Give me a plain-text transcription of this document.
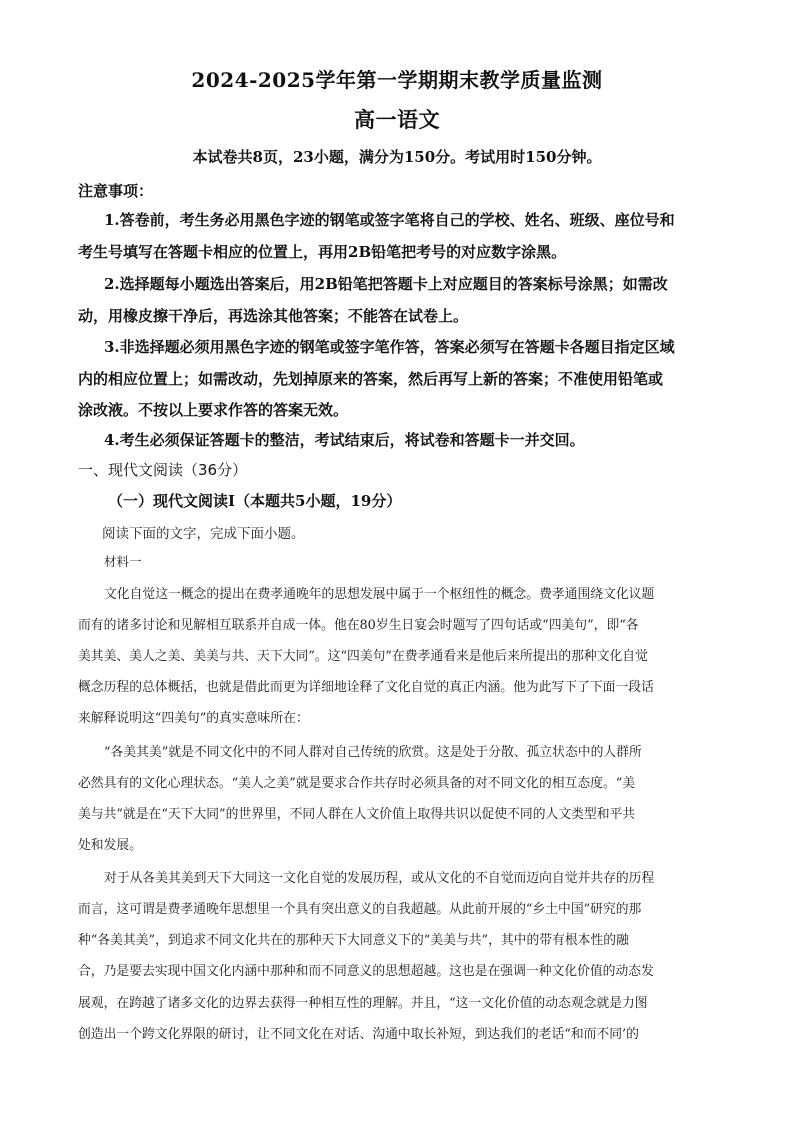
2024-2025学年第一学期期末教学质量监测
高一语文
本试卷共8页，23小题，满分为150分。考试用时150分钟。
注意事项：
1.答卷前，考生务必用黑色字迹的钢笔或签字笔将自己的学校、姓名、班级、座位号和
考生号填写在答题卡相应的位置上，再用2B铅笔把考号的对应数字涂黑。
2.选择题每小题选出答案后，用2B铅笔把答题卡上对应题目的答案标号涂黑；如需改
动，用橡皮擦干净后，再选涂其他答案；不能答在试卷上。
3.非选择题必须用黑色字迹的钢笔或签字笔作答，答案必须写在答题卡各题目指定区域
内的相应位置上；如需改动，先划掉原来的答案，然后再写上新的答案；不准使用铅笔或
涂改液。不按以上要求作答的答案无效。
4.考生必须保证答题卡的整洁，考试结束后，将试卷和答题卡一并交回。
一、现代文阅读（36分）
（一）现代文阅读Ⅰ（本题共5小题，19分）
阅读下面的文字，完成下面小题。
材料一
文化自觉这一概念的提出在费孝通晚年的思想发展中属于一个枢纽性的概念。费孝通围绕文化议题
而有的诸多讨论和见解相互联系并自成一体。他在80岁生日宴会时题写了四句话或“四美句”，即“各
美其美、美人之美、美美与共、天下大同”。这“四美句”在费孝通看来是他后来所提出的那种文化自觉
概念历程的总体概括，也就是借此而更为详细地诠释了文化自觉的真正内涵。他为此写下了下面一段话
来解释说明这“四美句”的真实意味所在：
“各美其美”就是不同文化中的不同人群对自己传统的欣赏。这是处于分散、孤立状态中的人群所
必然具有的文化心理状态。“美人之美”就是要求合作共存时必须具备的对不同文化的相互态度。“美
美与共”就是在“天下大同”的世界里，不同人群在人文价值上取得共识以促使不同的人文类型和平共
处和发展。
对于从各美其美到天下大同这一文化自觉的发展历程，或从文化的不自觉而迈向自觉并共存的历程
而言，这可谓是费孝通晚年思想里一个具有突出意义的自我超越。从此前开展的“乡土中国”研究的那
种“各美其美”，到追求不同文化共在的那种天下大同意义下的“美美与共”，其中的带有根本性的融
合，乃是要去实现中国文化内涵中那种和而不同意义的思想超越。这也是在强调一种文化价值的动态发
展观，在跨越了诸多文化的边界去获得一种相互性的理解。并且，“这一文化价值的动态观念就是力图
创造出一个跨文化界限的研讨，让不同文化在对话、沟通中取长补短，到达我们的老话“和而不同’的
